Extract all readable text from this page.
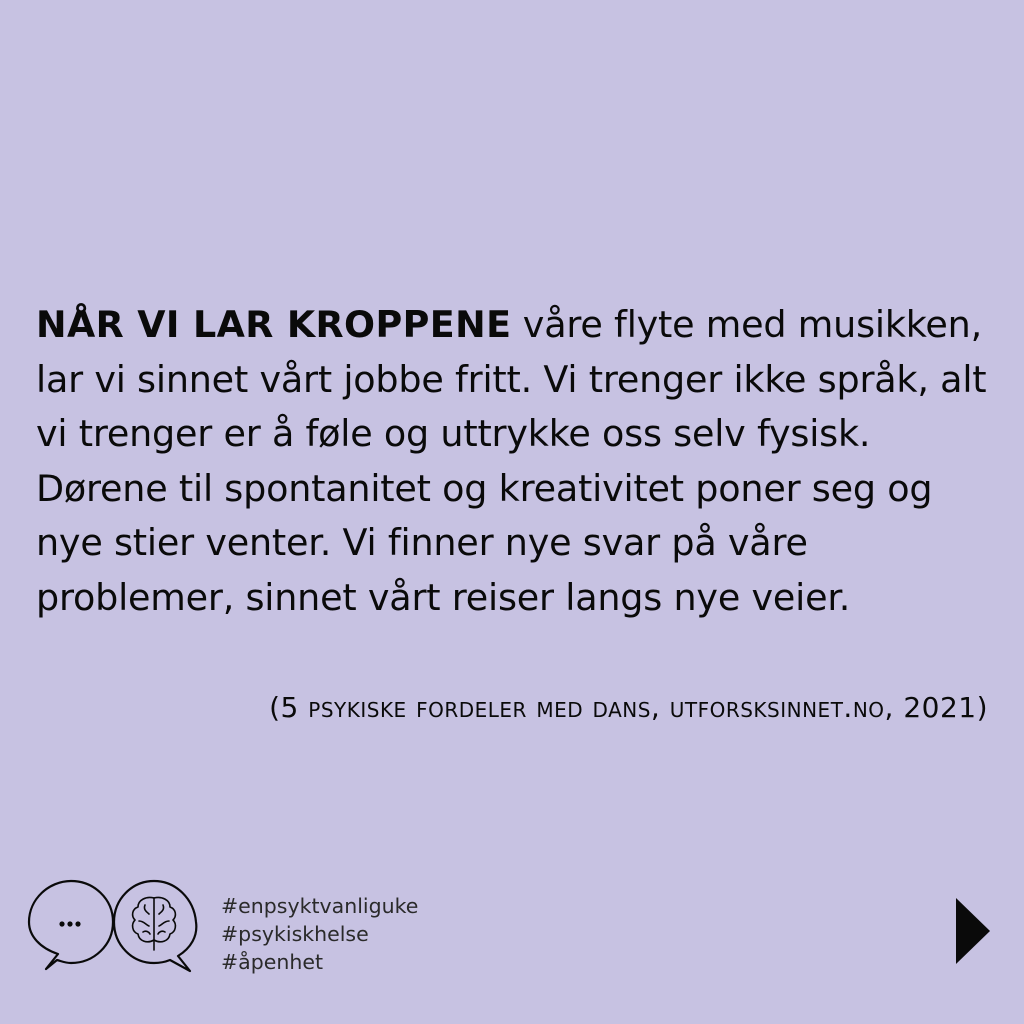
NÅR VI LAR KROPPENE våre flyte med musikken, lar vi sinnet vårt jobbe fritt. Vi trenger ikke språk, alt vi trenger er å føle og uttrykke oss selv fysisk. Dørene til spontanitet og kreativitet poner seg og nye stier venter. Vi finner nye svar på våre problemer, sinnet vårt reiser langs nye veier.

(5 psykiske fordeler med dans, utforsksinnet.no, 2021)
#enpsyktvanliguke
#psykiskhelse
#åpenhet
